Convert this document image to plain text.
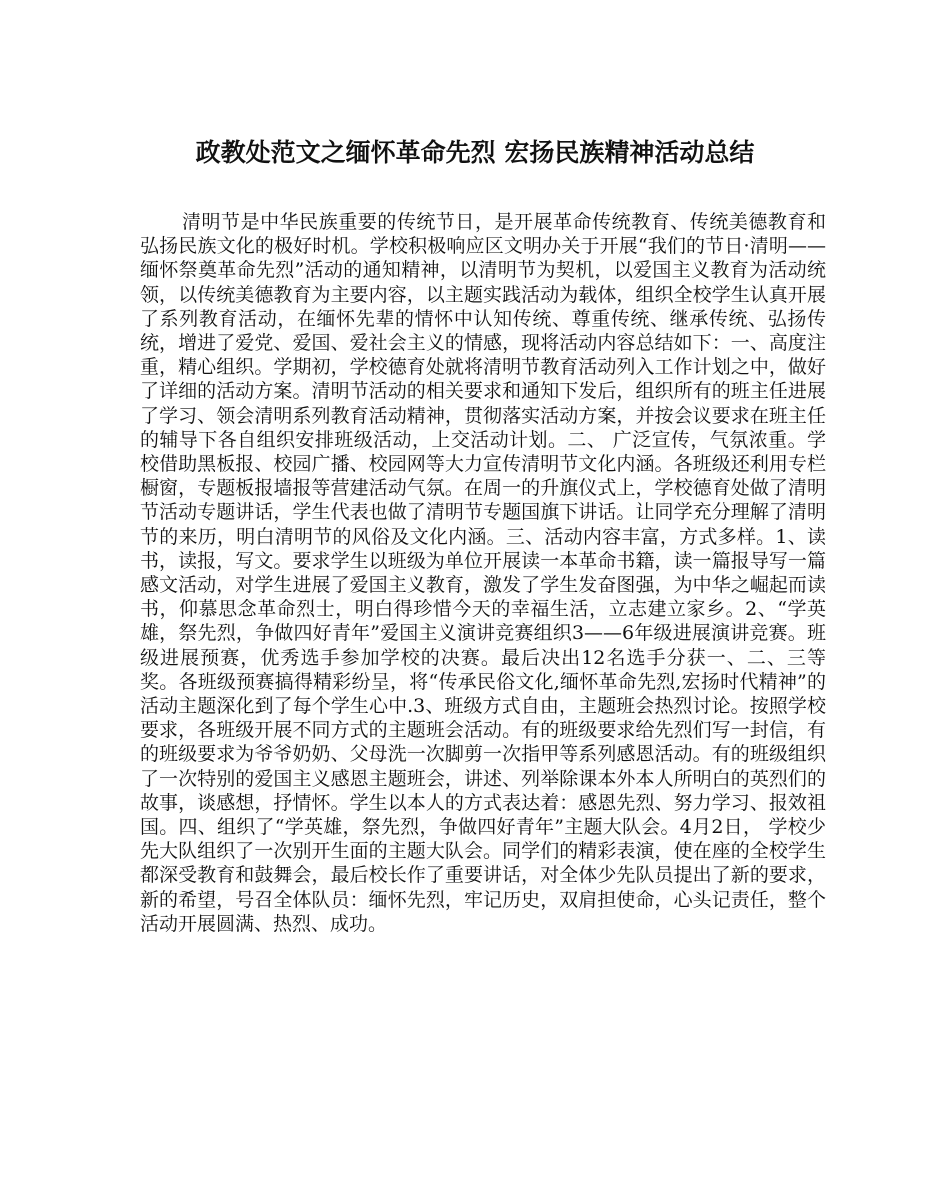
政教处范文之缅怀革命先烈 宏扬民族精神活动总结

清明节是中华民族重要的传统节日，是开展革命传统教育、传统美德教育和弘扬民族文化的极好时机。学校积极响应区文明办关于开展“我们的节日·清明——缅怀祭奠革命先烈”活动的通知精神，以清明节为契机，以爱国主义教育为活动统领，以传统美德教育为主要内容，以主题实践活动为载体，组织全校学生认真开展了系列教育活动，在缅怀先辈的情怀中认知传统、尊重传统、继承传统、弘扬传统，增进了爱党、爱国、爱社会主义的情感，现将活动内容总结如下：一、高度注重，精心组织。学期初，学校德育处就将清明节教育活动列入工作计划之中，做好了详细的活动方案。清明节活动的相关要求和通知下发后，组织所有的班主任进展了学习、领会清明系列教育活动精神，贯彻落实活动方案，并按会议要求在班主任的辅导下各自组织安排班级活动，上交活动计划。二、 广泛宣传，气氛浓重。学校借助黑板报、校园广播、校园网等大力宣传清明节文化内涵。各班级还利用专栏橱窗，专题板报墙报等营建活动气氛。在周一的升旗仪式上，学校德育处做了清明节活动专题讲话，学生代表也做了清明节专题国旗下讲话。让同学充分理解了清明节的来历，明白清明节的风俗及文化内涵。三、活动内容丰富，方式多样。1、读书，读报，写文。要求学生以班级为单位开展读一本革命书籍，读一篇报导写一篇感文活动，对学生进展了爱国主义教育，激发了学生发奋图强，为中华之崛起而读书，仰慕思念革命烈士，明白得珍惜今天的幸福生活，立志建立家乡。2、“学英雄，祭先烈，争做四好青年”爱国主义演讲竞赛组织3——6年级进展演讲竞赛。班级进展预赛，优秀选手参加学校的决赛。最后决出12名选手分获一、二、三等奖。各班级预赛搞得精彩纷呈，将“传承民俗文化,缅怀革命先烈,宏扬时代精神”的活动主题深化到了每个学生心中.3、班级方式自由，主题班会热烈讨论。按照学校要求，各班级开展不同方式的主题班会活动。有的班级要求给先烈们写一封信，有的班级要求为爷爷奶奶、父母洗一次脚剪一次指甲等系列感恩活动。有的班级组织了一次特别的爱国主义感恩主题班会，讲述、列举除课本外本人所明白的英烈们的故事，谈感想，抒情怀。学生以本人的方式表达着：感恩先烈、努力学习、报效祖国。四、组织了“学英雄，祭先烈，争做四好青年”主题大队会。4月2日， 学校少先大队组织了一次别开生面的主题大队会。同学们的精彩表演，使在座的全校学生都深受教育和鼓舞会，最后校长作了重要讲话，对全体少先队员提出了新的要求，新的希望，号召全体队员：缅怀先烈，牢记历史，双肩担使命，心头记责任，整个活动开展圆满、热烈、成功。
